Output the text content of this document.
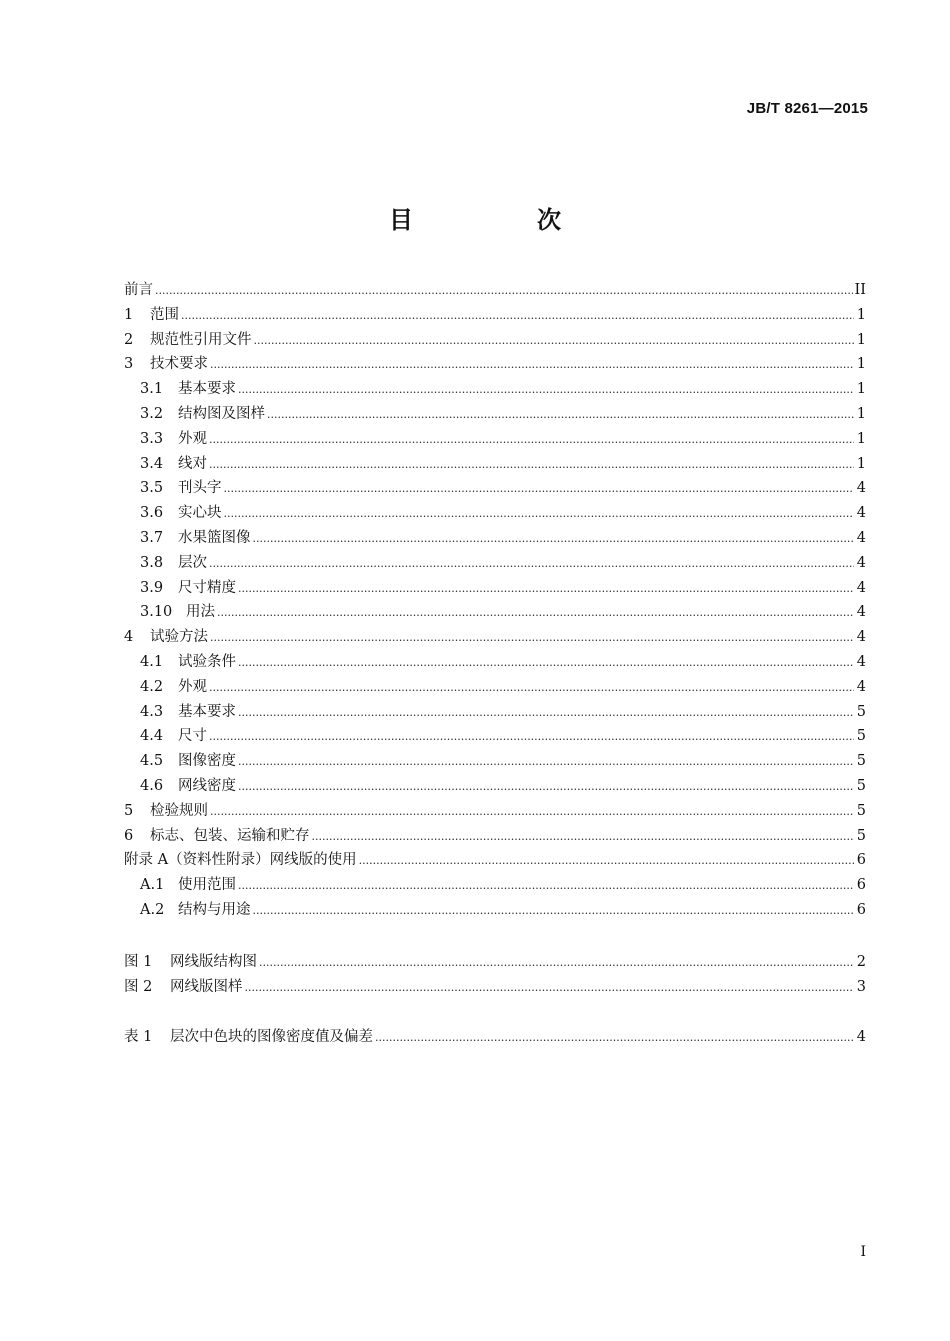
JB/T 8261—2015
目　次
前言 .....	II
1	范围 .....	1
2	规范性引用文件 .....	1
3	技术要求 .....	1
3.1	基本要求 .....	1
3.2	结构图及图样 .....	1
3.3	外观 .....	1
3.4	线对 .....	1
3.5	刊头字 .....	4
3.6	实心块 .....	4
3.7	水果篮图像 .....	4
3.8	层次 .....	4
3.9	尺寸精度 .....	4
3.10 用法 .....	4
4	试验方法 .....	4
4.1	试验条件 .....	4
4.2	外观 .....	4
4.3	基本要求 .....	5
4.4	尺寸 .....	5
4.5	图像密度 .....	5
4.6	网线密度 .....	5
5	检验规则 .....	5
6	标志、包装、运输和贮存 .....	5
附录 A（资料性附录）网线版的使用 .....	6
A.1 使用范围 .....	6
A.2 结构与用途 .....	6
图 1	网线版结构图 .....	2
图 2	网线版图样 .....	3
表 1	层次中色块的图像密度值及偏差 .....	4
I
